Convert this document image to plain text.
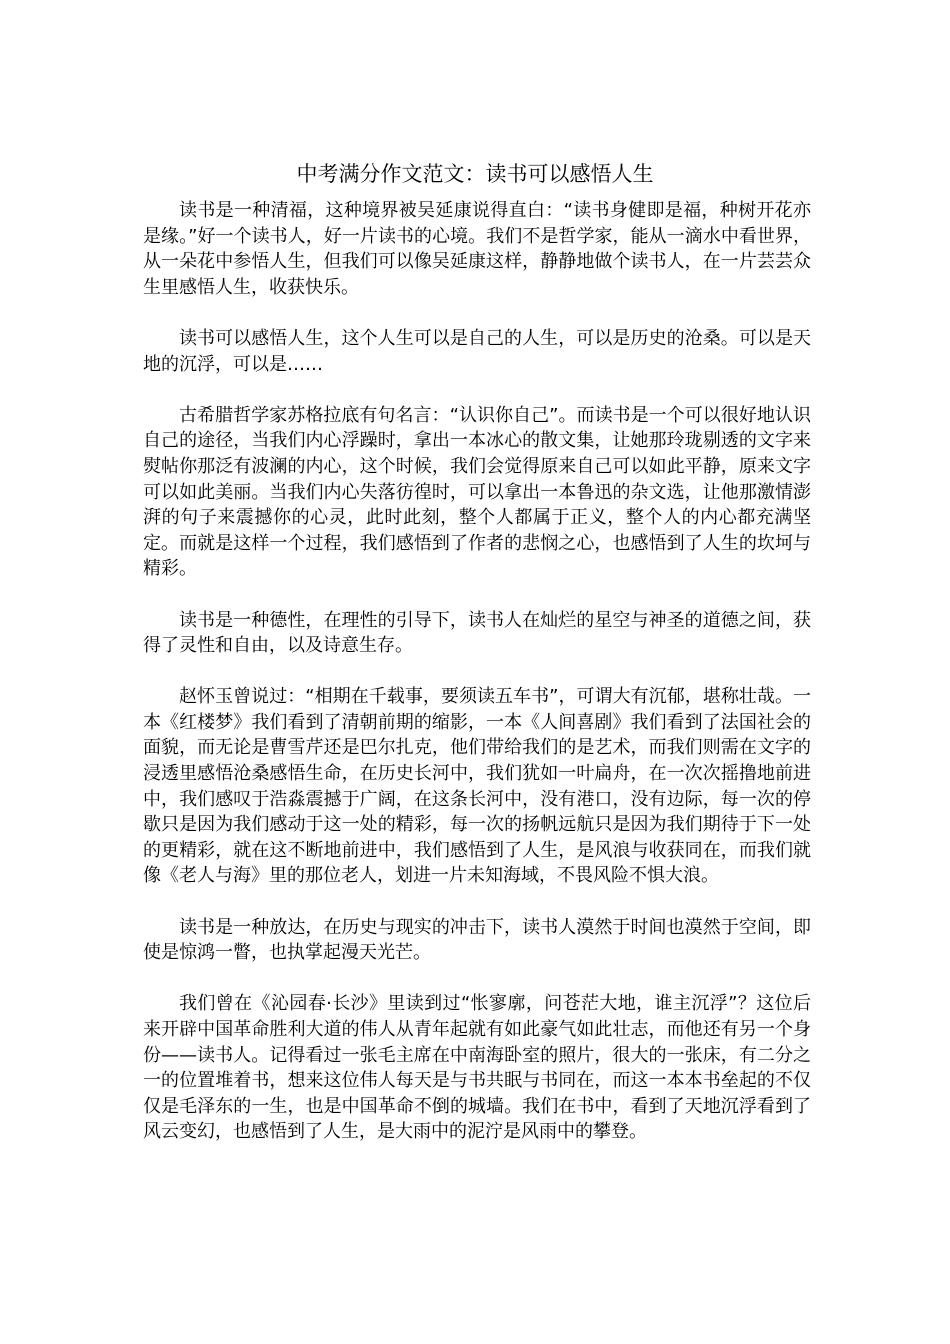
中考满分作文范文：读书可以感悟人生

读书是一种清福，这种境界被吴延康说得直白：“读书身健即是福，种树开花亦是缘。”好一个读书人，好一片读书的心境。我们不是哲学家，能从一滴水中看世界，从一朵花中参悟人生，但我们可以像吴延康这样，静静地做个读书人，在一片芸芸众生里感悟人生，收获快乐。

读书可以感悟人生，这个人生可以是自己的人生，可以是历史的沧桑。可以是天地的沉浮，可以是……

古希腊哲学家苏格拉底有句名言：“认识你自己”。而读书是一个可以很好地认识自己的途径，当我们内心浮躁时，拿出一本冰心的散文集，让她那玲珑剔透的文字来熨帖你那泛有波澜的内心，这个时候，我们会觉得原来自己可以如此平静，原来文字可以如此美丽。当我们内心失落彷徨时，可以拿出一本鲁迅的杂文选，让他那激情澎湃的句子来震撼你的心灵，此时此刻，整个人都属于正义，整个人的内心都充满坚定。而就是这样一个过程，我们感悟到了作者的悲悯之心，也感悟到了人生的坎坷与精彩。

读书是一种德性，在理性的引导下，读书人在灿烂的星空与神圣的道德之间，获得了灵性和自由，以及诗意生存。

赵怀玉曾说过：“相期在千载事，要须读五车书”，可谓大有沉郁，堪称壮哉。一本《红楼梦》我们看到了清朝前期的缩影，一本《人间喜剧》我们看到了法国社会的面貌，而无论是曹雪芹还是巴尔扎克，他们带给我们的是艺术，而我们则需在文字的浸透里感悟沧桑感悟生命，在历史长河中，我们犹如一叶扁舟，在一次次摇撸地前进中，我们感叹于浩淼震撼于广阔，在这条长河中，没有港口，没有边际，每一次的停歇只是因为我们感动于这一处的精彩，每一次的扬帆远航只是因为我们期待于下一处的更精彩，就在这不断地前进中，我们感悟到了人生，是风浪与收获同在，而我们就像《老人与海》里的那位老人，划进一片未知海域，不畏风险不惧大浪。

读书是一种放达，在历史与现实的冲击下，读书人漠然于时间也漠然于空间，即使是惊鸿一瞥，也执掌起漫天光芒。

我们曾在《沁园春·长沙》里读到过“怅寥廓，问苍茫大地，谁主沉浮”？这位后来开辟中国革命胜利大道的伟人从青年起就有如此豪气如此壮志，而他还有另一个身份——读书人。记得看过一张毛主席在中南海卧室的照片，很大的一张床，有二分之一的位置堆着书，想来这位伟人每天是与书共眠与书同在，而这一本本书垒起的不仅仅是毛泽东的一生，也是中国革命不倒的城墙。我们在书中，看到了天地沉浮看到了风云变幻，也感悟到了人生，是大雨中的泥泞是风雨中的攀登。
